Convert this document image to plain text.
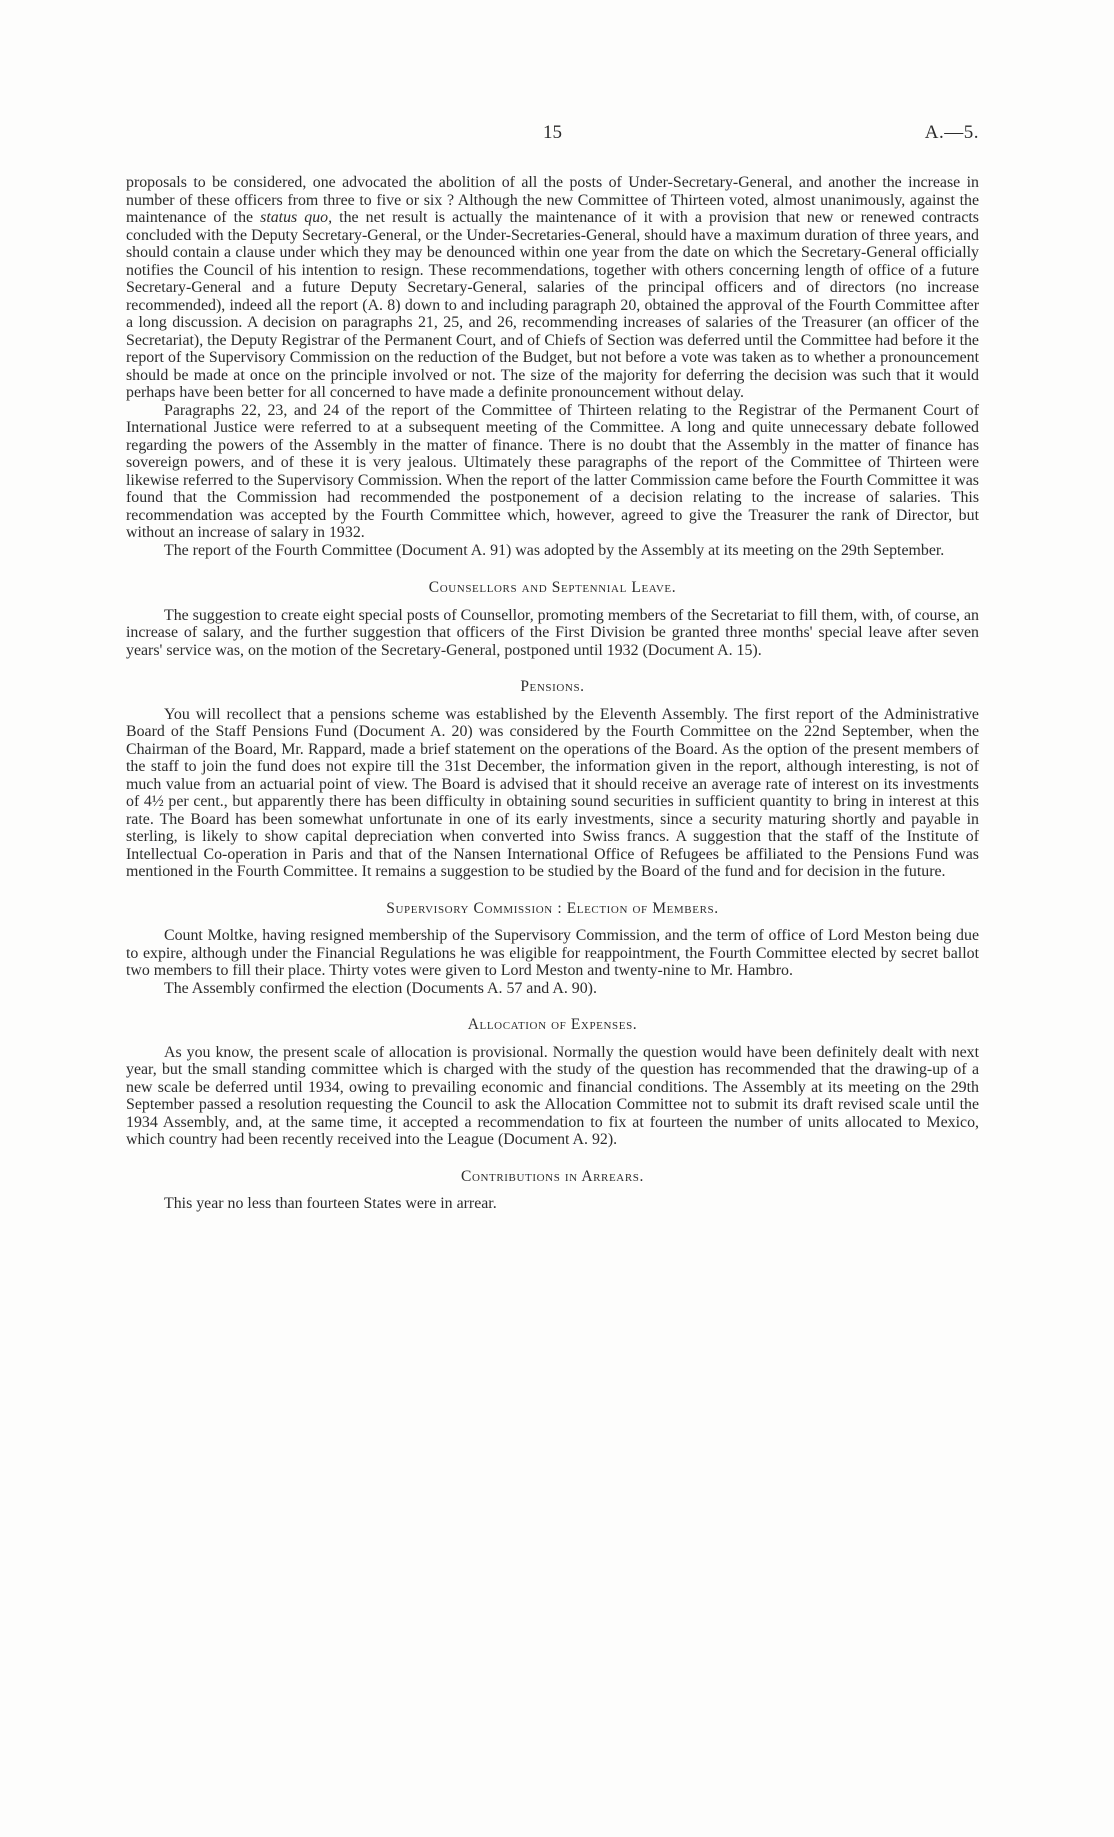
15	A.—5.

proposals to be considered, one advocated the abolition of all the posts of Under-Secretary-General, and another the increase in number of these officers from three to five or six ? Although the new Committee of Thirteen voted, almost unanimously, against the maintenance of the status quo, the net result is actually the maintenance of it with a provision that new or renewed contracts concluded with the Deputy Secretary-General, or the Under-Secretaries-General, should have a maximum duration of three years, and should contain a clause under which they may be denounced within one year from the date on which the Secretary-General officially notifies the Council of his intention to resign. These recommendations, together with others concerning length of office of a future Secretary-General and a future Deputy Secretary-General, salaries of the principal officers and of directors (no increase recommended), indeed all the report (A. 8) down to and including paragraph 20, obtained the approval of the Fourth Committee after a long discussion. A decision on paragraphs 21, 25, and 26, recommending increases of salaries of the Treasurer (an officer of the Secretariat), the Deputy Registrar of the Permanent Court, and of Chiefs of Section was deferred until the Committee had before it the report of the Supervisory Commission on the reduction of the Budget, but not before a vote was taken as to whether a pronouncement should be made at once on the principle involved or not. The size of the majority for deferring the decision was such that it would perhaps have been better for all concerned to have made a definite pronouncement without delay.

Paragraphs 22, 23, and 24 of the report of the Committee of Thirteen relating to the Registrar of the Permanent Court of International Justice were referred to at a subsequent meeting of the Committee. A long and quite unnecessary debate followed regarding the powers of the Assembly in the matter of finance. There is no doubt that the Assembly in the matter of finance has sovereign powers, and of these it is very jealous. Ultimately these paragraphs of the report of the Committee of Thirteen were likewise referred to the Supervisory Commission. When the report of the latter Commission came before the Fourth Committee it was found that the Commission had recommended the postponement of a decision relating to the increase of salaries. This recommendation was accepted by the Fourth Committee which, however, agreed to give the Treasurer the rank of Director, but without an increase of salary in 1932.

The report of the Fourth Committee (Document A. 91) was adopted by the Assembly at its meeting on the 29th September.

Counsellors and Septennial Leave.

The suggestion to create eight special posts of Counsellor, promoting members of the Secretariat to fill them, with, of course, an increase of salary, and the further suggestion that officers of the First Division be granted three months' special leave after seven years' service was, on the motion of the Secretary-General, postponed until 1932 (Document A. 15).

Pensions.

You will recollect that a pensions scheme was established by the Eleventh Assembly. The first report of the Administrative Board of the Staff Pensions Fund (Document A. 20) was considered by the Fourth Committee on the 22nd September, when the Chairman of the Board, Mr. Rappard, made a brief statement on the operations of the Board. As the option of the present members of the staff to join the fund does not expire till the 31st December, the information given in the report, although interesting, is not of much value from an actuarial point of view. The Board is advised that it should receive an average rate of interest on its investments of 4½ per cent., but apparently there has been difficulty in obtaining sound securities in sufficient quantity to bring in interest at this rate. The Board has been somewhat unfortunate in one of its early investments, since a security maturing shortly and payable in sterling, is likely to show capital depreciation when converted into Swiss francs. A suggestion that the staff of the Institute of Intellectual Co-operation in Paris and that of the Nansen International Office of Refugees be affiliated to the Pensions Fund was mentioned in the Fourth Committee. It remains a suggestion to be studied by the Board of the fund and for decision in the future.

Supervisory Commission : Election of Members.

Count Moltke, having resigned membership of the Supervisory Commission, and the term of office of Lord Meston being due to expire, although under the Financial Regulations he was eligible for reappointment, the Fourth Committee elected by secret ballot two members to fill their place. Thirty votes were given to Lord Meston and twenty-nine to Mr. Hambro.

The Assembly confirmed the election (Documents A. 57 and A. 90).

Allocation of Expenses.

As you know, the present scale of allocation is provisional. Normally the question would have been definitely dealt with next year, but the small standing committee which is charged with the study of the question has recommended that the drawing-up of a new scale be deferred until 1934, owing to prevailing economic and financial conditions. The Assembly at its meeting on the 29th September passed a resolution requesting the Council to ask the Allocation Committee not to submit its draft revised scale until the 1934 Assembly, and, at the same time, it accepted a recommendation to fix at fourteen the number of units allocated to Mexico, which country had been recently received into the League (Document A. 92).

Contributions in Arrears.

This year no less than fourteen States were in arrear.
